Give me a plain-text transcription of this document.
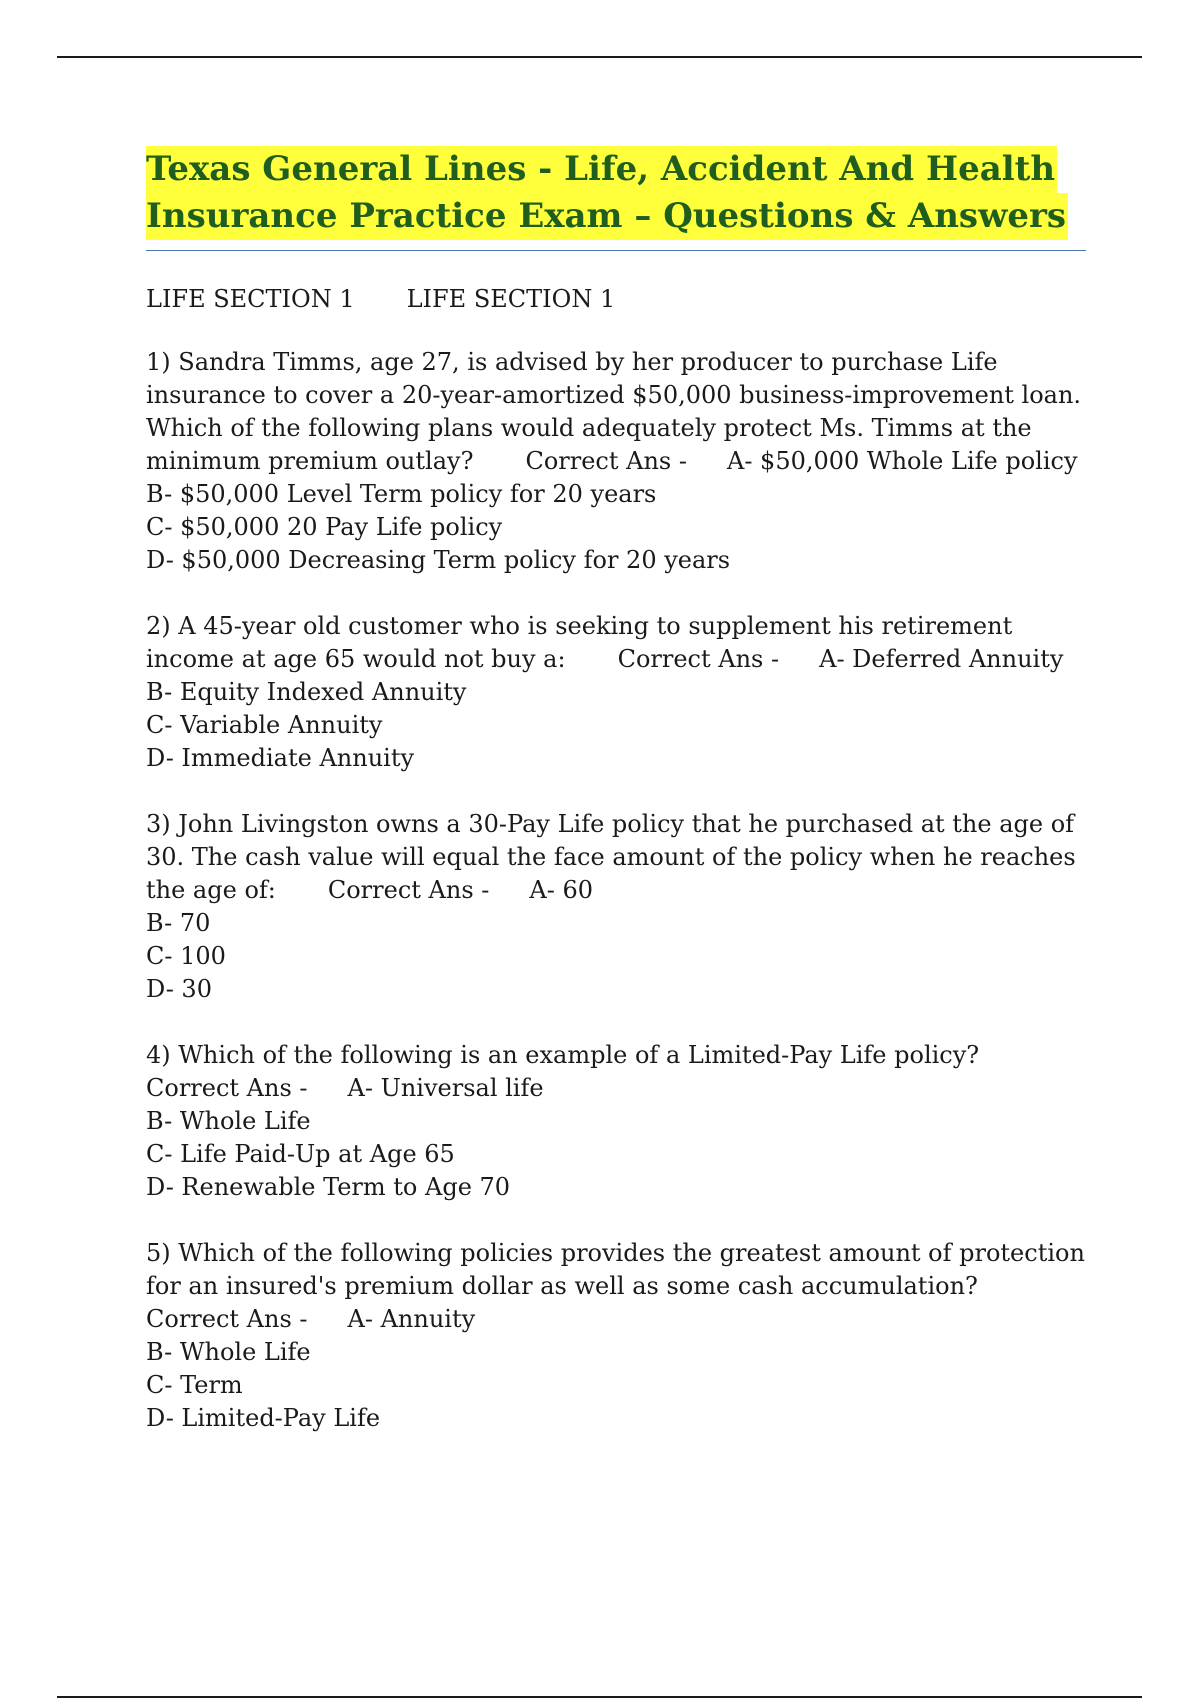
Texas General Lines - Life, Accident And Health
Insurance Practice Exam – Questions & Answers
LIFE SECTION 1 LIFE SECTION 1
1) Sandra Timms, age 27, is advised by her producer to purchase Life insurance to cover a 20-year-amortized $50,000 business-improvement loan. Which of the following plans would adequately protect Ms. Timms at the minimum premium outlay? Correct Ans - A- $50,000 Whole Life policy
B- $50,000 Level Term policy for 20 years
C- $50,000 20 Pay Life policy
D- $50,000 Decreasing Term policy for 20 years
2) A 45-year old customer who is seeking to supplement his retirement income at age 65 would not buy a: Correct Ans - A- Deferred Annuity
B- Equity Indexed Annuity
C- Variable Annuity
D- Immediate Annuity
3) John Livingston owns a 30-Pay Life policy that he purchased at the age of 30. The cash value will equal the face amount of the policy when he reaches the age of: Correct Ans - A- 60
B- 70
C- 100
D- 30
4) Which of the following is an example of a Limited-Pay Life policy?
Correct Ans - A- Universal life
B- Whole Life
C- Life Paid-Up at Age 65
D- Renewable Term to Age 70
5) Which of the following policies provides the greatest amount of protection for an insured's premium dollar as well as some cash accumulation?
Correct Ans - A- Annuity
B- Whole Life
C- Term
D- Limited-Pay Life
